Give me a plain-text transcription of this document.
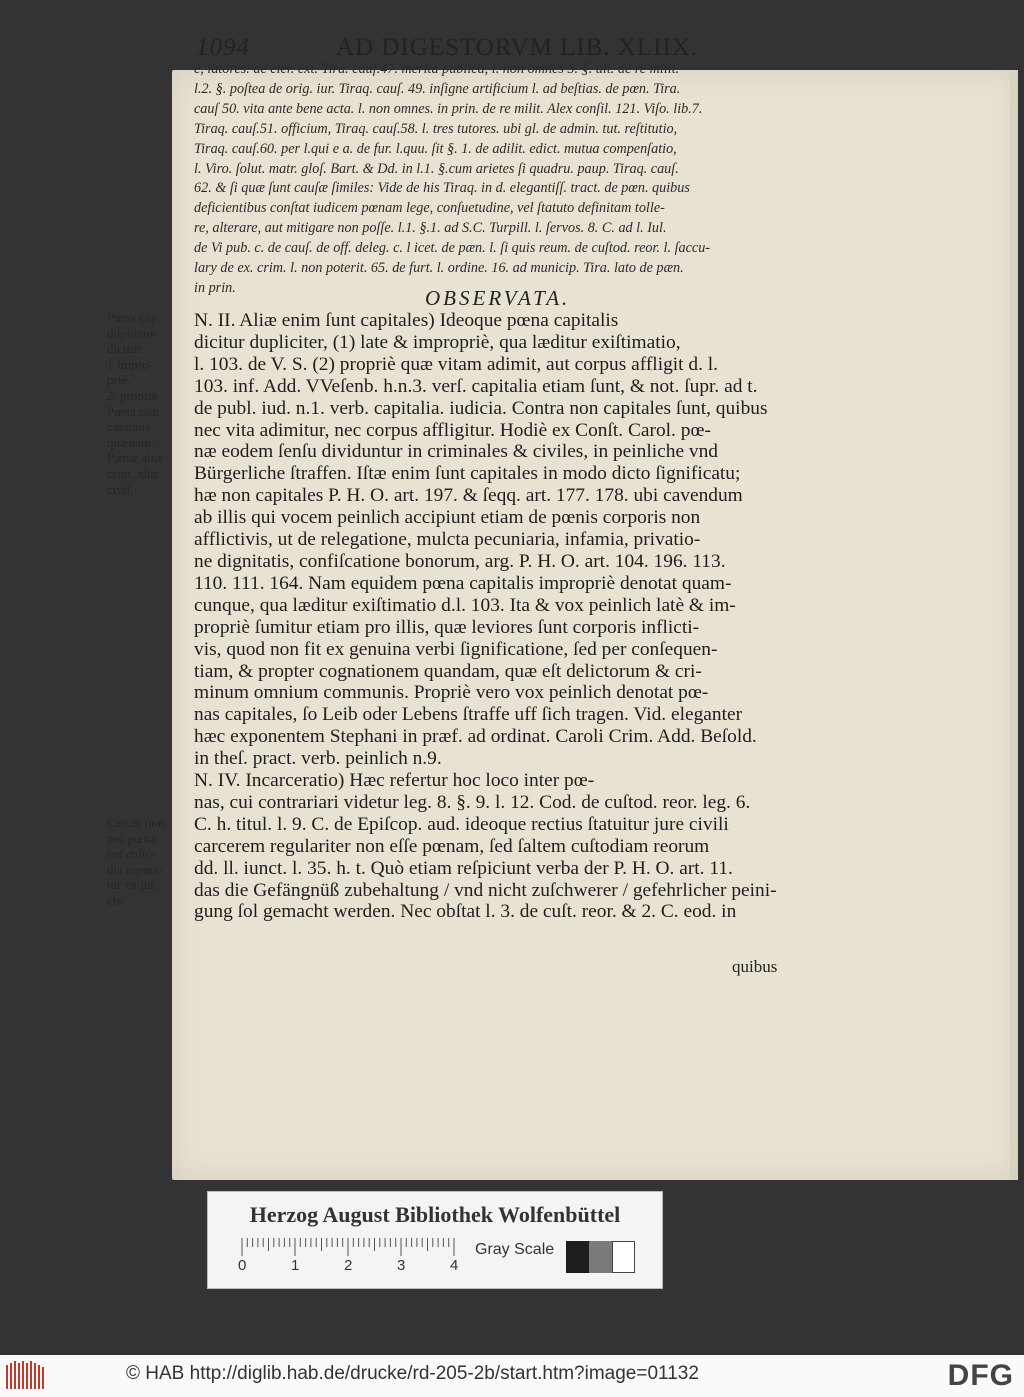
1094	AD DIGESTORVM LIB. XLIIX.
e, latores. de cler. ext. Tira. cauſ.47. merita publica, l. non omnes 5. §. ult. de re milit.
l.2. §. poſtea de orig. iur. Tiraq. cauſ. 49. inſigne artificium l. ad beſtias. de pœn. Tira.
cauſ 50. vita ante bene acta. l. non omnes. in prin. de re milit. Alex conſil. 121. Viſo. lib.7.
Tiraq. cauſ.51. officium, Tiraq. cauſ.58. l. tres tutores. ubi gl. de admin. tut. reſtitutio,
Tiraq. cauſ.60. per l.qui e a. de fur. l.quu. ſit §. 1. de adilit. edict. mutua compenſatio,
l. Viro. ſolut. matr. gloſ. Bart. & Dd. in l.1. §.cum arietes ſi quadru. paup. Tiraq. cauſ.
62. & ſi quæ ſunt cauſæ ſimiles: Vide de his Tiraq. in d. elegantiſſ. tract. de pœn. quibus
deficientibus conſtat iudicem pœnam lege, conſuetudine, vel ſtatuto definitam tolle-
re, alterare, aut mitigare non poſſe. l.1. §.1. ad S.C. Turpill. l. ſervos. 8. C. ad l. Iul.
de Vi pub. c. de cauſ. de off. deleg. c. l icet. de pæn. l. ſi quis reum. de cuſtod. reor. l. ſaccu-
lary de ex. crim. l. non poterit. 65. de furt. l. ordine. 16. ad municip. Tira. lato de pæn.
in prin.	OBSERVATA.
Pœna cap.
dupliciter
dicitur.
1 Impro-
priè.
2. propriè
Pœna non
capitalis
quænam.
Pænæ aliæ
crim. aliæ
civil.
Carcer non
pro pœna
ſed cuſto-
dia reputa-
tur ex jur.
civ.
N. II. Aliæ enim ſunt capitales) Ideoque pœna capitalis
dicitur dupliciter, (1) late & impropriè, qua læditur exiſtimatio,
l. 103. de V. S. (2) propriè quæ vitam adimit, aut corpus affligit d. l.
103. inf. Add. VVeſenb. h.n.3. verſ. capitalia etiam ſunt, & not. ſupr. ad t.
de publ. iud. n.1. verb. capitalia. iudicia. Contra non capitales ſunt, quibus
nec vita adimitur, nec corpus affligitur. Hodiè ex Conſt. Carol. pœ-
næ eodem ſenſu dividuntur in criminales & civiles, in peinliche vnd
Bürgerliche ſtraffen. Iſtæ enim ſunt capitales in modo dicto ſignificatu;
hæ non capitales P. H. O. art. 197. & ſeqq. art. 177. 178. ubi cavendum
ab illis qui vocem peinlich accipiunt etiam de pœnis corporis non
afflictivis, ut de relegatione, mulcta pecuniaria, infamia, privatio-
ne dignitatis, confiſcatione bonorum, arg. P. H. O. art. 104. 196. 113.
110. 111. 164. Nam equidem pœna capitalis impropriè denotat quam-
cunque, qua læditur exiſtimatio d.l. 103. Ita & vox peinlich latè & im-
propriè ſumitur etiam pro illis, quæ leviores ſunt corporis inflicti-
vis, quod non fit ex genuina verbi ſignificatione, ſed per conſequen-
tiam, & propter cognationem quandam, quæ eſt delictorum & cri-
minum omnium communis. Propriè vero vox peinlich denotat pœ-
nas capitales, ſo Leib oder Lebens ſtraffe uff ſich tragen. Vid. eleganter
hæc exponentem Stephani in præf. ad ordinat. Caroli Crim. Add. Beſold.
in theſ. pract. verb. peinlich n.9.
N. IV. Incarceratio) Hæc refertur hoc loco inter pœ-
nas, cui contrariari videtur leg. 8. §. 9. l. 12. Cod. de cuſtod. reor. leg. 6.
C. h. titul. l. 9. C. de Epiſcop. aud. ideoque rectius ſtatuitur jure civili
carcerem regulariter non eſſe pœnam, ſed ſaltem cuſtodiam reorum
dd. ll. iunct. l. 35. h. t. Quò etiam reſpiciunt verba der P. H. O. art. 11.
das die Gefängnüß zubehaltung / vnd nicht zuſchwerer / gefehrlicher peini-
gung ſol gemacht werden. Nec obſtat l. 3. de cuſt. reor. & 2. C. eod. in
quibus
Herzog August Bibliothek Wolfenbüttel
0	1	2	3	4
Gray Scale
© HAB http://diglib.hab.de/drucke/rd-205-2b/start.htm?image=01132	DFG
